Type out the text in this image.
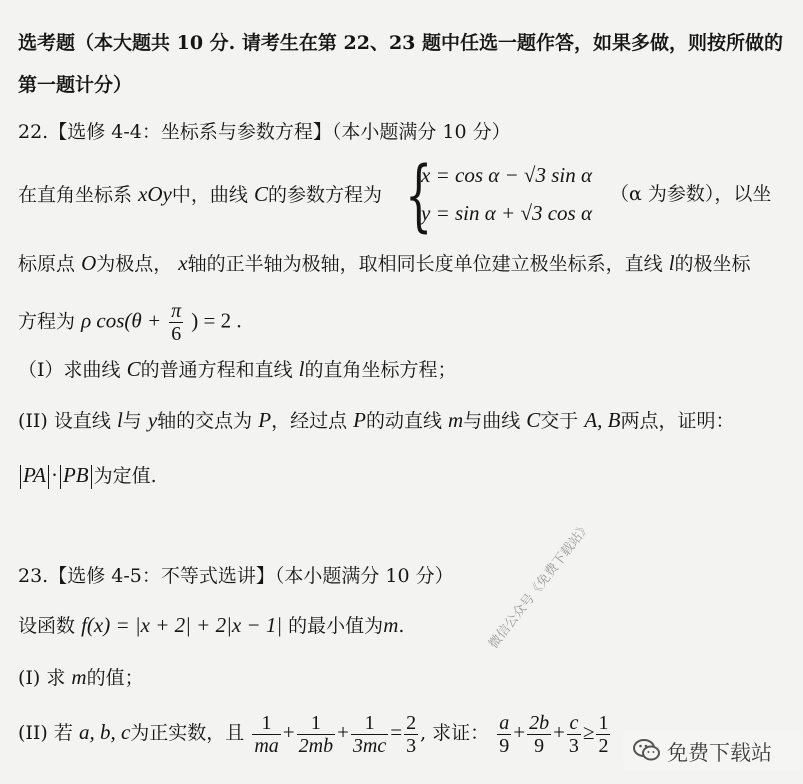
选考题（本大题共 10 分. 请考生在第 22、23 题中任选一题作答，如果多做，则按所做的
第一题计分）
22.【选修 4-4：坐标系与参数方程】（本小题满分 10 分）
在直角坐标系 xOy中，曲线 C的参数方程为 {
x = cos α − √3 sin α
y = sin α + √3 cos α
（α 为参数），以坐
标原点 O为极点， x轴的正半轴为极轴，取相同长度单位建立极坐标系，直线 l的极坐标
方程为 ρ $\cos(\theta + \frac{\pi}{6}$ ) = 2 .
（I）求曲线 C的普通方程和直线 l的直角坐标方程；
(II) 设直线 l与 y轴的交点为 P，经过点 P的动直线 m与曲线 C交于 A, B两点，证明：
PA · PB 为定值.
23.【选修 4-5：不等式选讲】（本小题满分 10 分）
设函数 f(x) = |x + 2| + 2|x − 1| 的最小值为m.
(I) 求 m的值；
(II) 若 a, b, c为正实数，且 $\frac{1}{ma} + \frac{1}{2mb} + \frac{1}{3mc} = \frac{2}{3}$ , 求证： $\frac{a}{9} + \frac{2b}{9} + \frac{c}{3} \ge \frac{1}{2}$
微信公众号《免费下载站》
免费下载站
